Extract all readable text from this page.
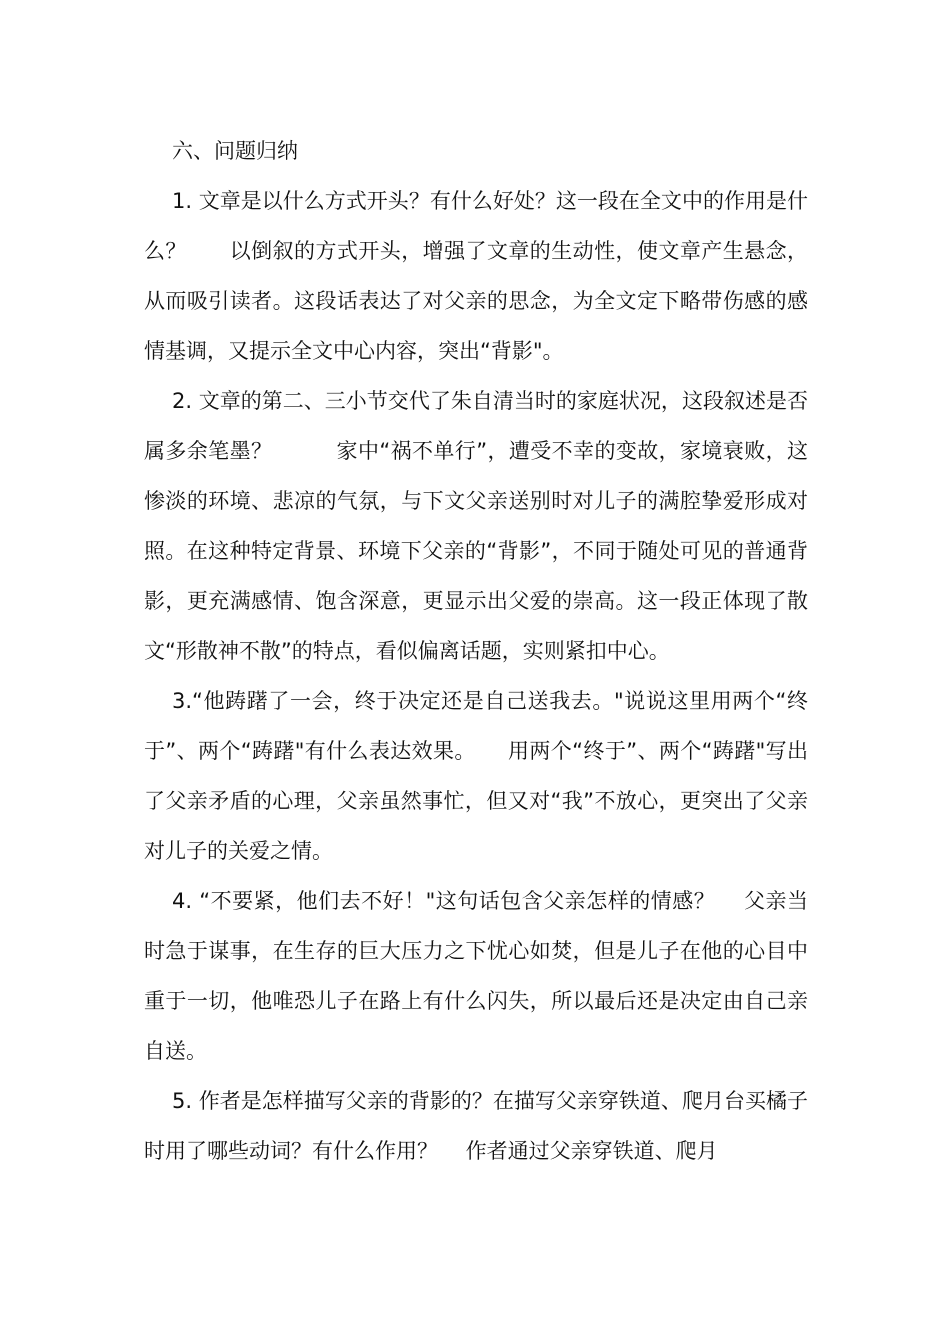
六、问题归纳

1. 文章是以什么方式开头？有什么好处？这一段在全文中的作用是什么？　　以倒叙的方式开头，增强了文章的生动性，使文章产生悬念，从而吸引读者。这段话表达了对父亲的思念，为全文定下略带伤感的感情基调，又提示全文中心内容，突出“背影"。

2. 文章的第二、三小节交代了朱自清当时的家庭状况，这段叙述是否属多余笔墨？　　　家中“祸不单行”，遭受不幸的变故，家境衰败，这惨淡的环境、悲凉的气氛，与下文父亲送别时对儿子的满腔挚爱形成对照。在这种特定背景、环境下父亲的“背影”，不同于随处可见的普通背影，更充满感情、饱含深意，更显示出父爱的崇高。这一段正体现了散文“形散神不散”的特点，看似偏离话题，实则紧扣中心。

3.“他踌躇了一会，终于决定还是自己送我去。"说说这里用两个“终于”、两个“踌躇"有什么表达效果。　　用两个“终于”、两个“踌躇"写出了父亲矛盾的心理，父亲虽然事忙，但又对“我”不放心，更突出了父亲对儿子的关爱之情。

4. “不要紧，他们去不好！"这句话包含父亲怎样的情感？　 父亲当时急于谋事，在生存的巨大压力之下忧心如焚，但是儿子在他的心目中重于一切，他唯恐儿子在路上有什么闪失，所以最后还是决定由自己亲自送。

5. 作者是怎样描写父亲的背影的？在描写父亲穿铁道、爬月台买橘子时用了哪些动词？有什么作用？　 作者通过父亲穿铁道、爬月
